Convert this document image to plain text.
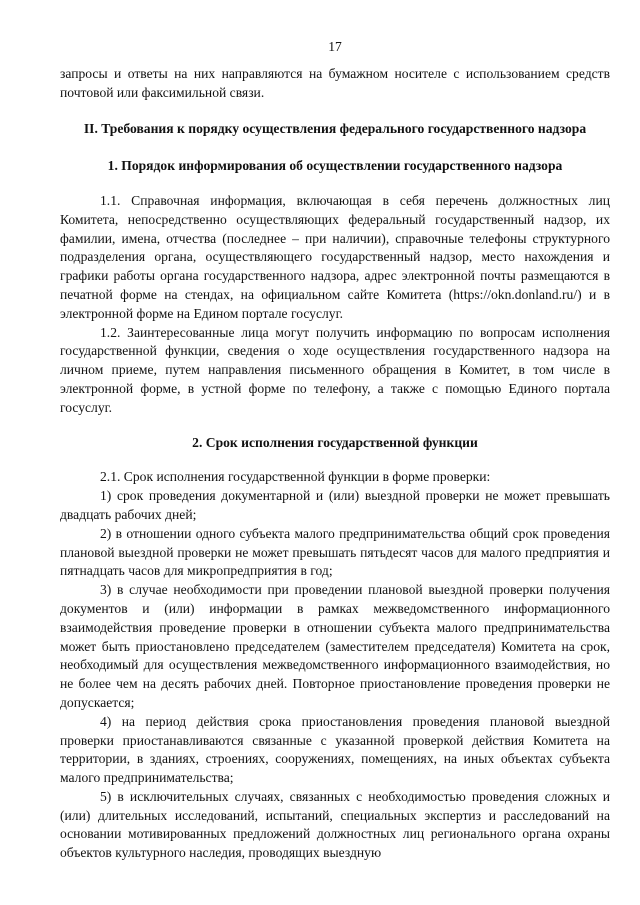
17

запросы и ответы на них направляются на бумажном носителе с использованием средств почтовой или факсимильной связи.

II. Требования к порядку осуществления федерального государственного надзора
1. Порядок информирования об осуществлении государственного надзора

1.1. Справочная информация, включающая в себя перечень должностных лиц Комитета, непосредственно осуществляющих федеральный государственный надзор, их фамилии, имена, отчества (последнее – при наличии), справочные телефоны структурного подразделения органа, осуществляющего государственный надзор, место нахождения и графики работы органа государственного надзора, адрес электронной почты размещаются в печатной форме на стендах, на официальном сайте Комитета (https://okn.donland.ru/) и в электронной форме на Едином портале госуслуг.

1.2. Заинтересованные лица могут получить информацию по вопросам исполнения государственной функции, сведения о ходе осуществления государственного надзора на личном приеме, путем направления письменного обращения в Комитет, в том числе в электронной форме, в устной форме по телефону, а также с помощью Единого портала госуслуг.

2. Срок исполнения государственной функции

2.1. Срок исполнения государственной функции в форме проверки:

1) срок проведения документарной и (или) выездной проверки не может превышать двадцать рабочих дней;

2) в отношении одного субъекта малого предпринимательства общий срок проведения плановой выездной проверки не может превышать пятьдесят часов для малого предприятия и пятнадцать часов для микропредприятия в год;

3) в случае необходимости при проведении плановой выездной проверки получения документов и (или) информации в рамках межведомственного информационного взаимодействия проведение проверки в отношении субъекта малого предпринимательства может быть приостановлено председателем (заместителем председателя) Комитета на срок, необходимый для осуществления межведомственного информационного взаимодействия, но не более чем на десять рабочих дней. Повторное приостановление проведения проверки не допускается;

4) на период действия срока приостановления проведения плановой выездной проверки приостанавливаются связанные с указанной проверкой действия Комитета на территории, в зданиях, строениях, сооружениях, помещениях, на иных объектах субъекта малого предпринимательства;

5) в исключительных случаях, связанных с необходимостью проведения сложных и (или) длительных исследований, испытаний, специальных экспертиз и расследований на основании мотивированных предложений должностных лиц регионального органа охраны объектов культурного наследия, проводящих выездную
